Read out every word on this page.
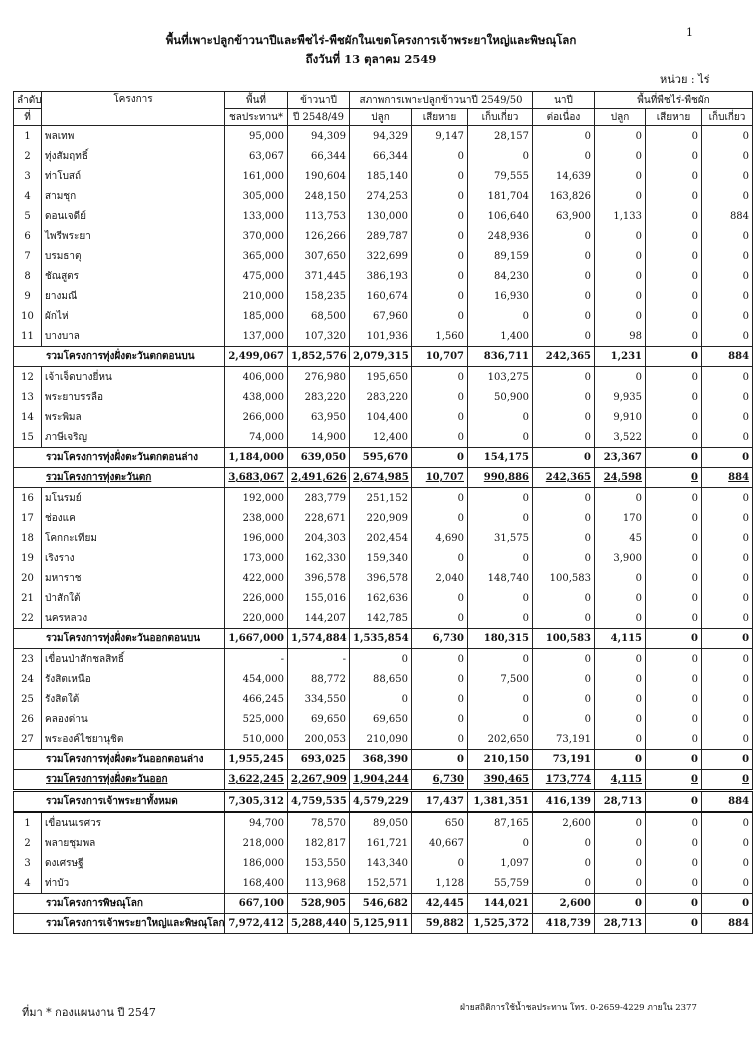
1
พื้นที่เพาะปลูกข้าวนาปีและพืชไร่-พืชผักในเขตโครงการเจ้าพระยาใหญ่และพิษณุโลก
ถึงวันที่ 13 ตุลาคม 2549
หน่วย : ไร่
ลำดับ	โครงการ	พื้นที่	ข้าวนาปี	สภาพการเพาะปลูกข้าวนาปี 2549/50			นาปี	พื้นที่พืชไร่-พืชผัก		
ที่		ชลประทาน*	ปี 2548/49	ปลูก	เสียหาย	เก็บเกี่ยว	ต่อเนื่อง	ปลูก	เสียหาย	เก็บเกี่ยว
1	พลเทพ	95,000	94,309	94,329	9,147	28,157	0	0	0	0
2	ทุ่งสัมฤทธิ์	63,067	66,344	66,344	0	0	0	0	0	0
3	ท่าโบสถ์	161,000	190,604	185,140	0	79,555	14,639	0	0	0
4	สามชุก	305,000	248,150	274,253	0	181,704	163,826	0	0	0
5	ดอนเจดีย์	133,000	113,753	130,000	0	106,640	63,900	1,133	0	884
6	ไพรีพระยา	370,000	126,266	289,787	0	248,936	0	0	0	0
7	บรมธาตุ	365,000	307,650	322,699	0	89,159	0	0	0	0
8	ชัณสูตร	475,000	371,445	386,193	0	84,230	0	0	0	0
9	ยางมณี	210,000	158,235	160,674	0	16,930	0	0	0	0
10	ผักไห่	185,000	68,500	67,960	0	0	0	0	0	0
11	บางบาล	137,000	107,320	101,936	1,560	1,400	0	98	0	0
รวมโครงการทุ่งฝั่งตะวันตกตอนบน		2,499,067	1,852,576	2,079,315	10,707	836,711	242,365	1,231	0	884
12	เจ้าเจ็ดบางยี่หน	406,000	276,980	195,650	0	103,275	0	0	0	0
13	พระยาบรรลือ	438,000	283,220	283,220	0	50,900	0	9,935	0	0
14	พระพิมล	266,000	63,950	104,400	0	0	0	9,910	0	0
15	ภาษีเจริญ	74,000	14,900	12,400	0	0	0	3,522	0	0
รวมโครงการทุ่งฝั่งตะวันตกตอนล่าง		1,184,000	639,050	595,670	0	154,175	0	23,367	0	0
รวมโครงการทุ่งตะวันตก		3,683,067	2,491,626	2,674,985	10,707	990,886	242,365	24,598	0	884
16	มโนรมย์	192,000	283,779	251,152	0	0	0	0	0	0
17	ช่องแค	238,000	228,671	220,909	0	0	0	170	0	0
18	โคกกะเทียม	196,000	204,303	202,454	4,690	31,575	0	45	0	0
19	เริงราง	173,000	162,330	159,340	0	0	0	3,900	0	0
20	มหาราช	422,000	396,578	396,578	2,040	148,740	100,583	0	0	0
21	ป่าสักใต้	226,000	155,016	162,636	0	0	0	0	0	0
22	นครหลวง	220,000	144,207	142,785	0	0	0	0	0	0
รวมโครงการทุ่งฝั่งตะวันออกตอนบน		1,667,000	1,574,884	1,535,854	6,730	180,315	100,583	4,115	0	0
23	เขื่อนป่าสักชลสิทธิ์	-	-	0	0	0	0	0	0	0
24	รังสิตเหนือ	454,000	88,772	88,650	0	7,500	0	0	0	0
25	รังสิตใต้	466,245	334,550	0	0	0	0	0	0	0
26	คลองด่าน	525,000	69,650	69,650	0	0	0	0	0	0
27	พระองค์ไชยานุชิต	510,000	200,053	210,090	0	202,650	73,191	0	0	0
รวมโครงการทุ่งฝั่งตะวันออกตอนล่าง		1,955,245	693,025	368,390	0	210,150	73,191	0	0	0
รวมโครงการทุ่งฝั่งตะวันออก		3,622,245	2,267,909	1,904,244	6,730	390,465	173,774	4,115	0	0
รวมโครงการเจ้าพระยาทั้งหมด		7,305,312	4,759,535	4,579,229	17,437	1,381,351	416,139	28,713	0	884
1	เขื่อนนเรศวร	94,700	78,570	89,050	650	87,165	2,600	0	0	0
2	พลายชุมพล	218,000	182,817	161,721	40,667	0	0	0	0	0
3	ดงเศรษฐี	186,000	153,550	143,340	0	1,097	0	0	0	0
4	ท่าบัว	168,400	113,968	152,571	1,128	55,759	0	0	0	0
รวมโครงการพิษณุโลก		667,100	528,905	546,682	42,445	144,021	2,600	0	0	0
รวมโครงการเจ้าพระยาใหญ่และพิษณุโลก		7,972,412	5,288,440	5,125,911	59,882	1,525,372	418,739	28,713	0	884
ที่มา * กองแผนงาน ปี 2547	ฝ่ายสถิติการใช้น้ำชลประทาน โทร. 0-2659-4229 ภายใน 2377
